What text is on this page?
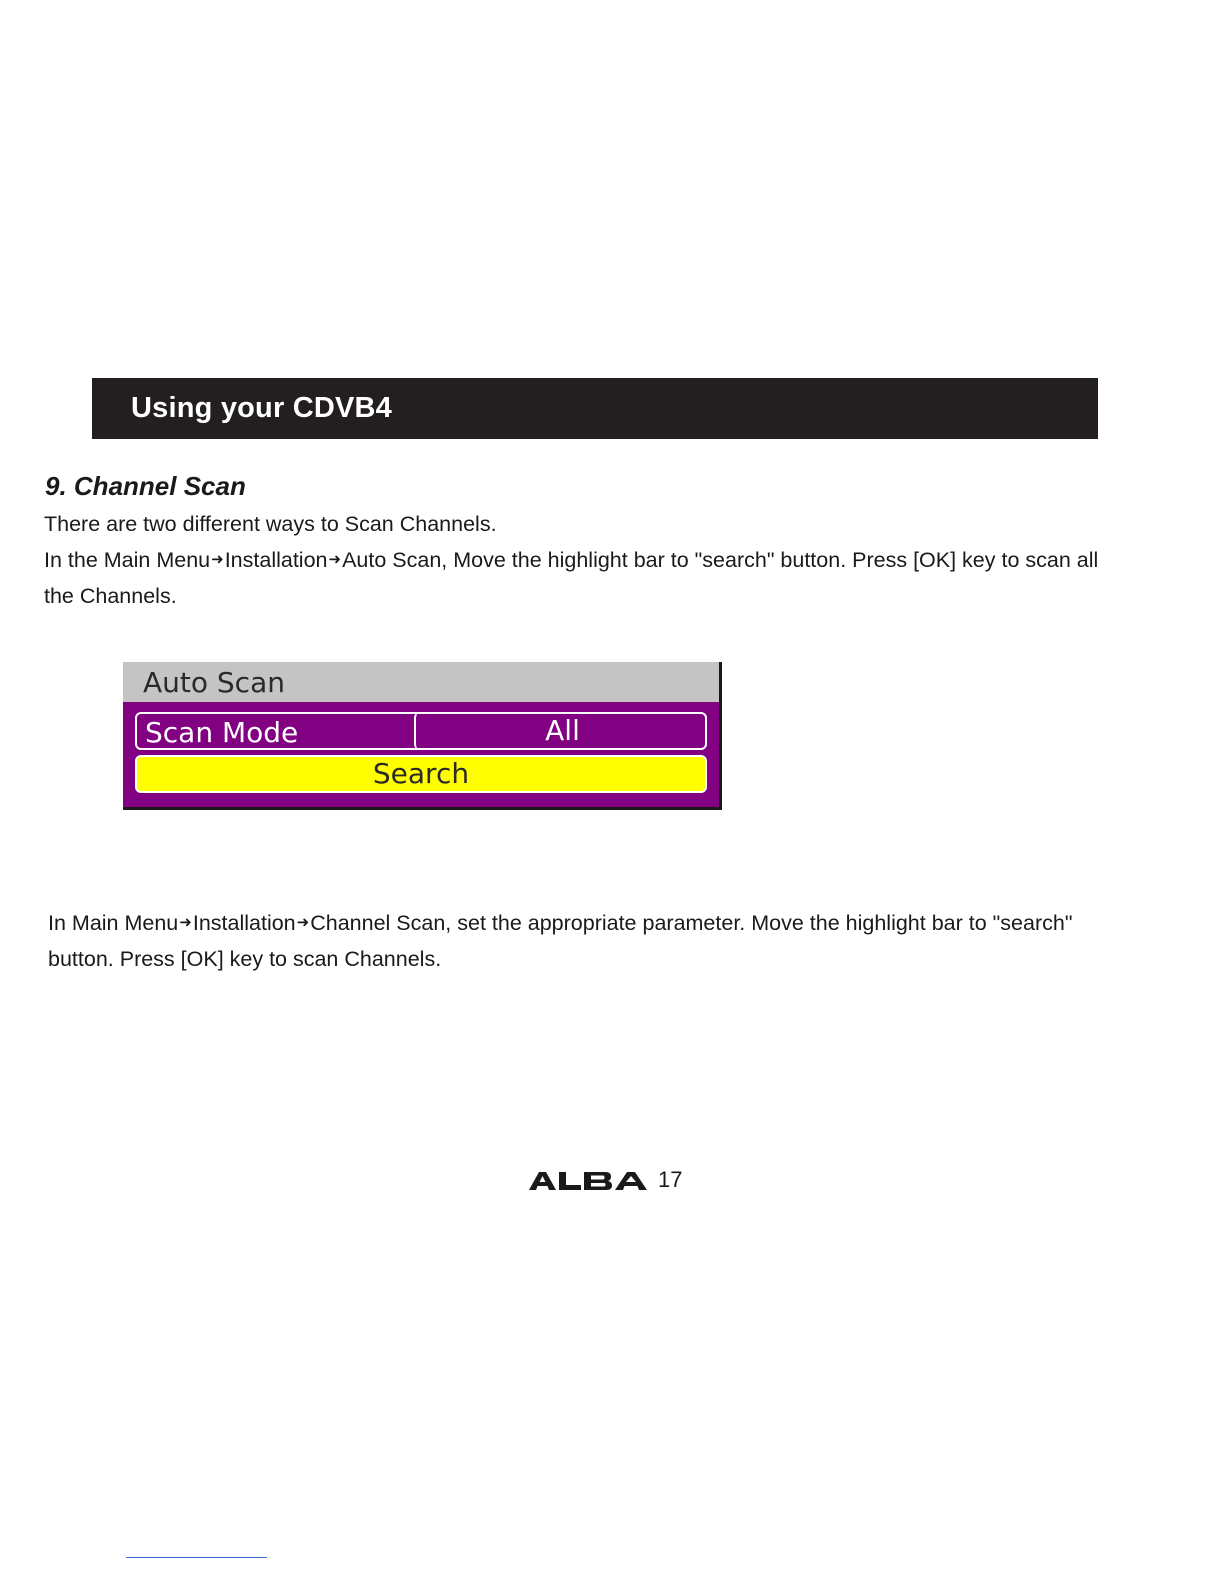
Using your CDVB4
9. Channel Scan

There are two different ways to Scan Channels.

In the Main Menu➜Installation➜Auto Scan, Move the highlight bar to "search" button. Press [OK] key to scan all the Channels.

Auto Scan
Scan Mode	All
Search

In Main Menu➜Installation➜Channel Scan, set the appropriate parameter. Move the highlight bar to "search" button. Press [OK] key to scan Channels.

17
